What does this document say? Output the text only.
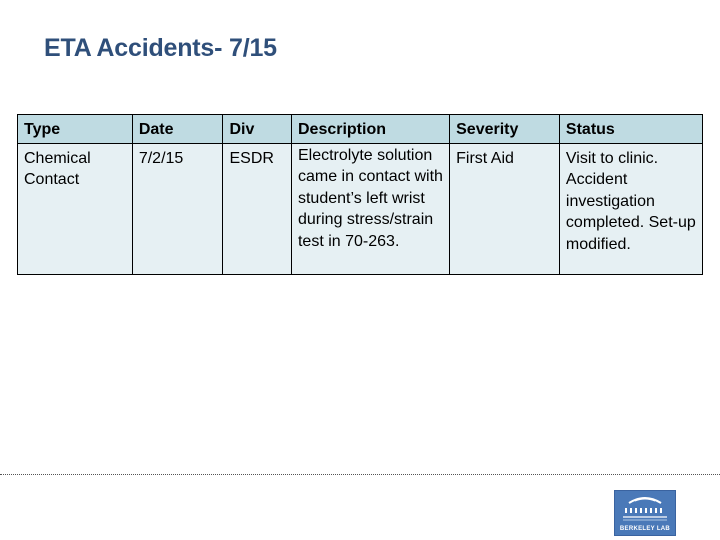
ETA Accidents- 7/15
Type	Date	Div	Description	Severity	Status
Chemical Contact	7/2/15	ESDR	Electrolyte solution came in contact with student’s left wrist during stress/strain test in 70-263.	First Aid	Visit to clinic. Accident investigation completed. Set-up modified.
BERKELEY LAB
